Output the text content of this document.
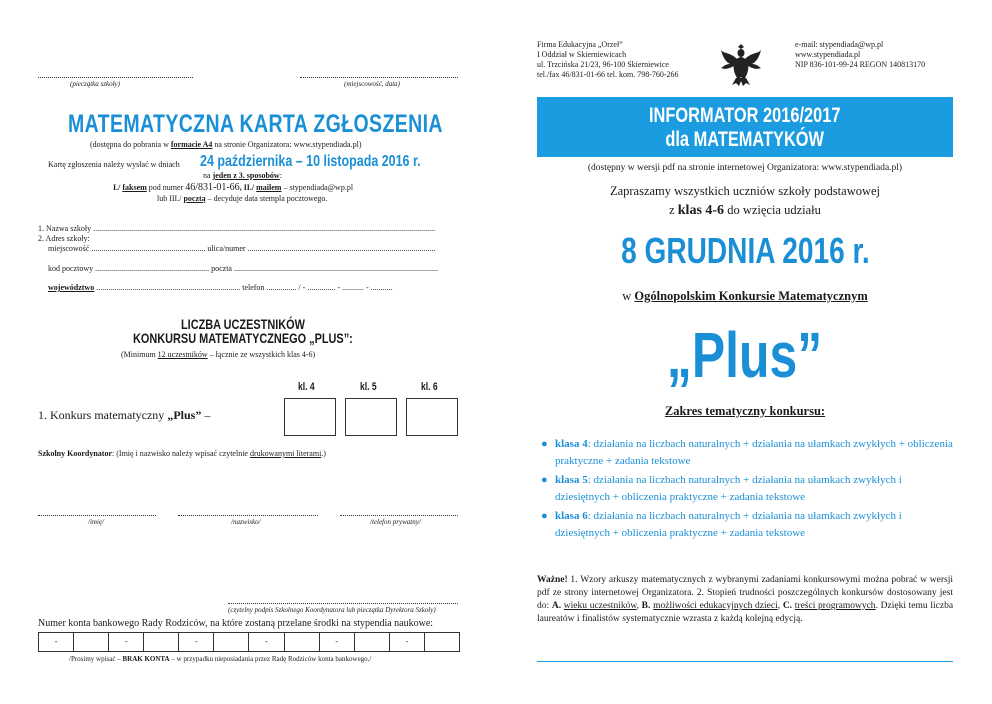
(pieczątka szkoły)	(miejscowość, data)
MATEMATYCZNA KARTA ZGŁOSZENIA
(dostępna do pobrania w formacie A4 na stronie Organizatora: www.stypendiada.pl)
Kartę zgłoszenia należy wysłać w dniach 24 października – 10 listopada 2016 r.
na jeden z 3. sposobów:
I./ faksem pod numer 46/831-01-66, II./ mailem – stypendiada@wp.pl
lub III./ pocztą – decyduje data stempla pocztowego.
1. Nazwa szkoły ...........................................................................................................................................................................
2. Adres szkoły:
miejscowość ......................................................... ulica/numer ..............................................................................................
kod pocztowy ......................................................... poczta ......................................................................................................
województwo ........................................................................ telefon ............... / - .............. - ........... - ...........
LICZBA UCZESTNIKÓW
KONKURSU MATEMATYCZNEGO „PLUS”:
(Minimum 12 uczestników – łącznie ze wszystkich klas 4-6)
kl. 4	kl. 5	kl. 6
1. Konkurs matematyczny „Plus” –
Szkolny Koordynator: (Imię i nazwisko należy wpisać czytelnie drukowanymi literami.)
/imię/	/nazwisko/	/telefon prywatny/
(czytelny podpis Szkolnego Koordynatora lub pieczątka Dyrektora Szkoły)
Numer konta bankowego Rady Rodziców, na które zostaną przelane środki na stypendia naukowe:
-	-	-	-	-	-
/Prosimy wpisać – BRAK KONTA – w przypadku nieposiadania przez Radę Rodziców konta bankowego./
Firma Edukacyjna „Orzeł”
I Oddział w Skierniewicach
ul. Trzcińska 21/23, 96-100 Skierniewice
tel./fax 46/831-01-66 tel. kom. 798-760-266
e-mail: stypendiada@wp.pl
www.stypendiada.pl
NIP 836-101-99-24 REGON 140813170
INFORMATOR 2016/2017
dla MATEMATYKÓW
(dostępny w wersji pdf na stronie internetowej Organizatora: www.stypendiada.pl)
Zapraszamy wszystkich uczniów szkoły podstawowej
z klas 4-6 do wzięcia udziału
8 GRUDNIA 2016 r.
w Ogólnopolskim Konkursie Matematycznym
„Plus”
Zakres tematyczny konkursu:
● klasa 4: działania na liczbach naturalnych + działania na ułamkach zwykłych + obliczenia praktyczne + zadania tekstowe
● klasa 5: działania na liczbach naturalnych + działania na ułamkach zwykłych i dziesiętnych + obliczenia praktyczne + zadania tekstowe
● klasa 6: działania na liczbach naturalnych + działania na ułamkach zwykłych i dziesiętnych + obliczenia praktyczne + zadania tekstowe
Ważne! 1. Wzory arkuszy matematycznych z wybranymi zadaniami konkursowymi można pobrać w wersji pdf ze strony internetowej Organizatora. 2. Stopień trudności poszczególnych konkursów dostosowany jest do: A. wieku uczestników, B. możliwości edukacyjnych dzieci, C. treści programowych. Dzięki temu liczba laureatów i finalistów systematycznie wzrasta z każdą kolejną edycją.
